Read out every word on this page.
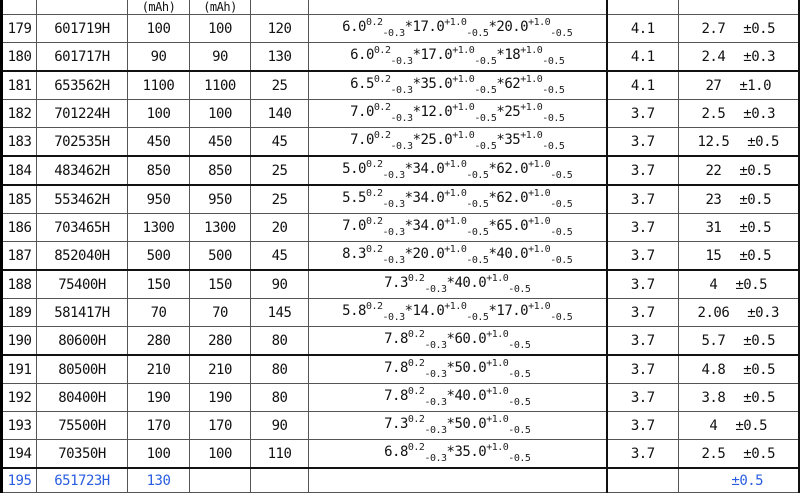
		(mAh)	(mAh)				
179	601719H	100	100	120	$6.0^{0.2}_{-0.3}*17.0^{+1.0}_{-0.5}*20.0^{+1.0}_{-0.5}$	4.1	2.7 ±0.5
180	601717H	90	90	130	$6.0^{0.2}_{-0.3}*17.0^{+1.0}_{-0.5}*18^{+1.0}_{-0.5}$	4.1	2.4 ±0.3
181	653562H	1100	1100	25	$6.5^{0.2}_{-0.3}*35.0^{+1.0}_{-0.5}*62^{+1.0}_{-0.5}$	4.1	27 ±1.0
182	701224H	100	100	140	$7.0^{0.2}_{-0.3}*12.0^{+1.0}_{-0.5}*25^{+1.0}_{-0.5}$	3.7	2.5 ±0.3
183	702535H	450	450	45	$7.0^{0.2}_{-0.3}*25.0^{+1.0}_{-0.5}*35^{+1.0}_{-0.5}$	3.7	12.5 ±0.5
184	483462H	850	850	25	$5.0^{0.2}_{-0.3}*34.0^{+1.0}_{-0.5}*62.0^{+1.0}_{-0.5}$	3.7	22 ±0.5
185	553462H	950	950	25	$5.5^{0.2}_{-0.3}*34.0^{+1.0}_{-0.5}*62.0^{+1.0}_{-0.5}$	3.7	23 ±0.5
186	703465H	1300	1300	20	$7.0^{0.2}_{-0.3}*34.0^{+1.0}_{-0.5}*65.0^{+1.0}_{-0.5}$	3.7	31 ±0.5
187	852040H	500	500	45	$8.3^{0.2}_{-0.3}*20.0^{+1.0}_{-0.5}*40.0^{+1.0}_{-0.5}$	3.7	15 ±0.5
188	75400H	150	150	90	$7.3^{0.2}_{-0.3}*40.0^{+1.0}_{-0.5}$	3.7	4 ±0.5
189	581417H	70	70	145	$5.8^{0.2}_{-0.3}*14.0^{+1.0}_{-0.5}*17.0^{+1.0}_{-0.5}$	3.7	2.06 ±0.3
190	80600H	280	280	80	$7.8^{0.2}_{-0.3}*60.0^{+1.0}_{-0.5}$	3.7	5.7 ±0.5
191	80500H	210	210	80	$7.8^{0.2}_{-0.3}*50.0^{+1.0}_{-0.5}$	3.7	4.8 ±0.5
192	80400H	190	190	80	$7.8^{0.2}_{-0.3}*40.0^{+1.0}_{-0.5}$	3.7	3.8 ±0.5
193	75500H	170	170	90	$7.3^{0.2}_{-0.3}*50.0^{+1.0}_{-0.5}$	3.7	4 ±0.5
194	70350H	100	100	110	$6.8^{0.2}_{-0.3}*35.0^{+1.0}_{-0.5}$	3.7	2.5 ±0.5
195	651723H	130					±0.5
